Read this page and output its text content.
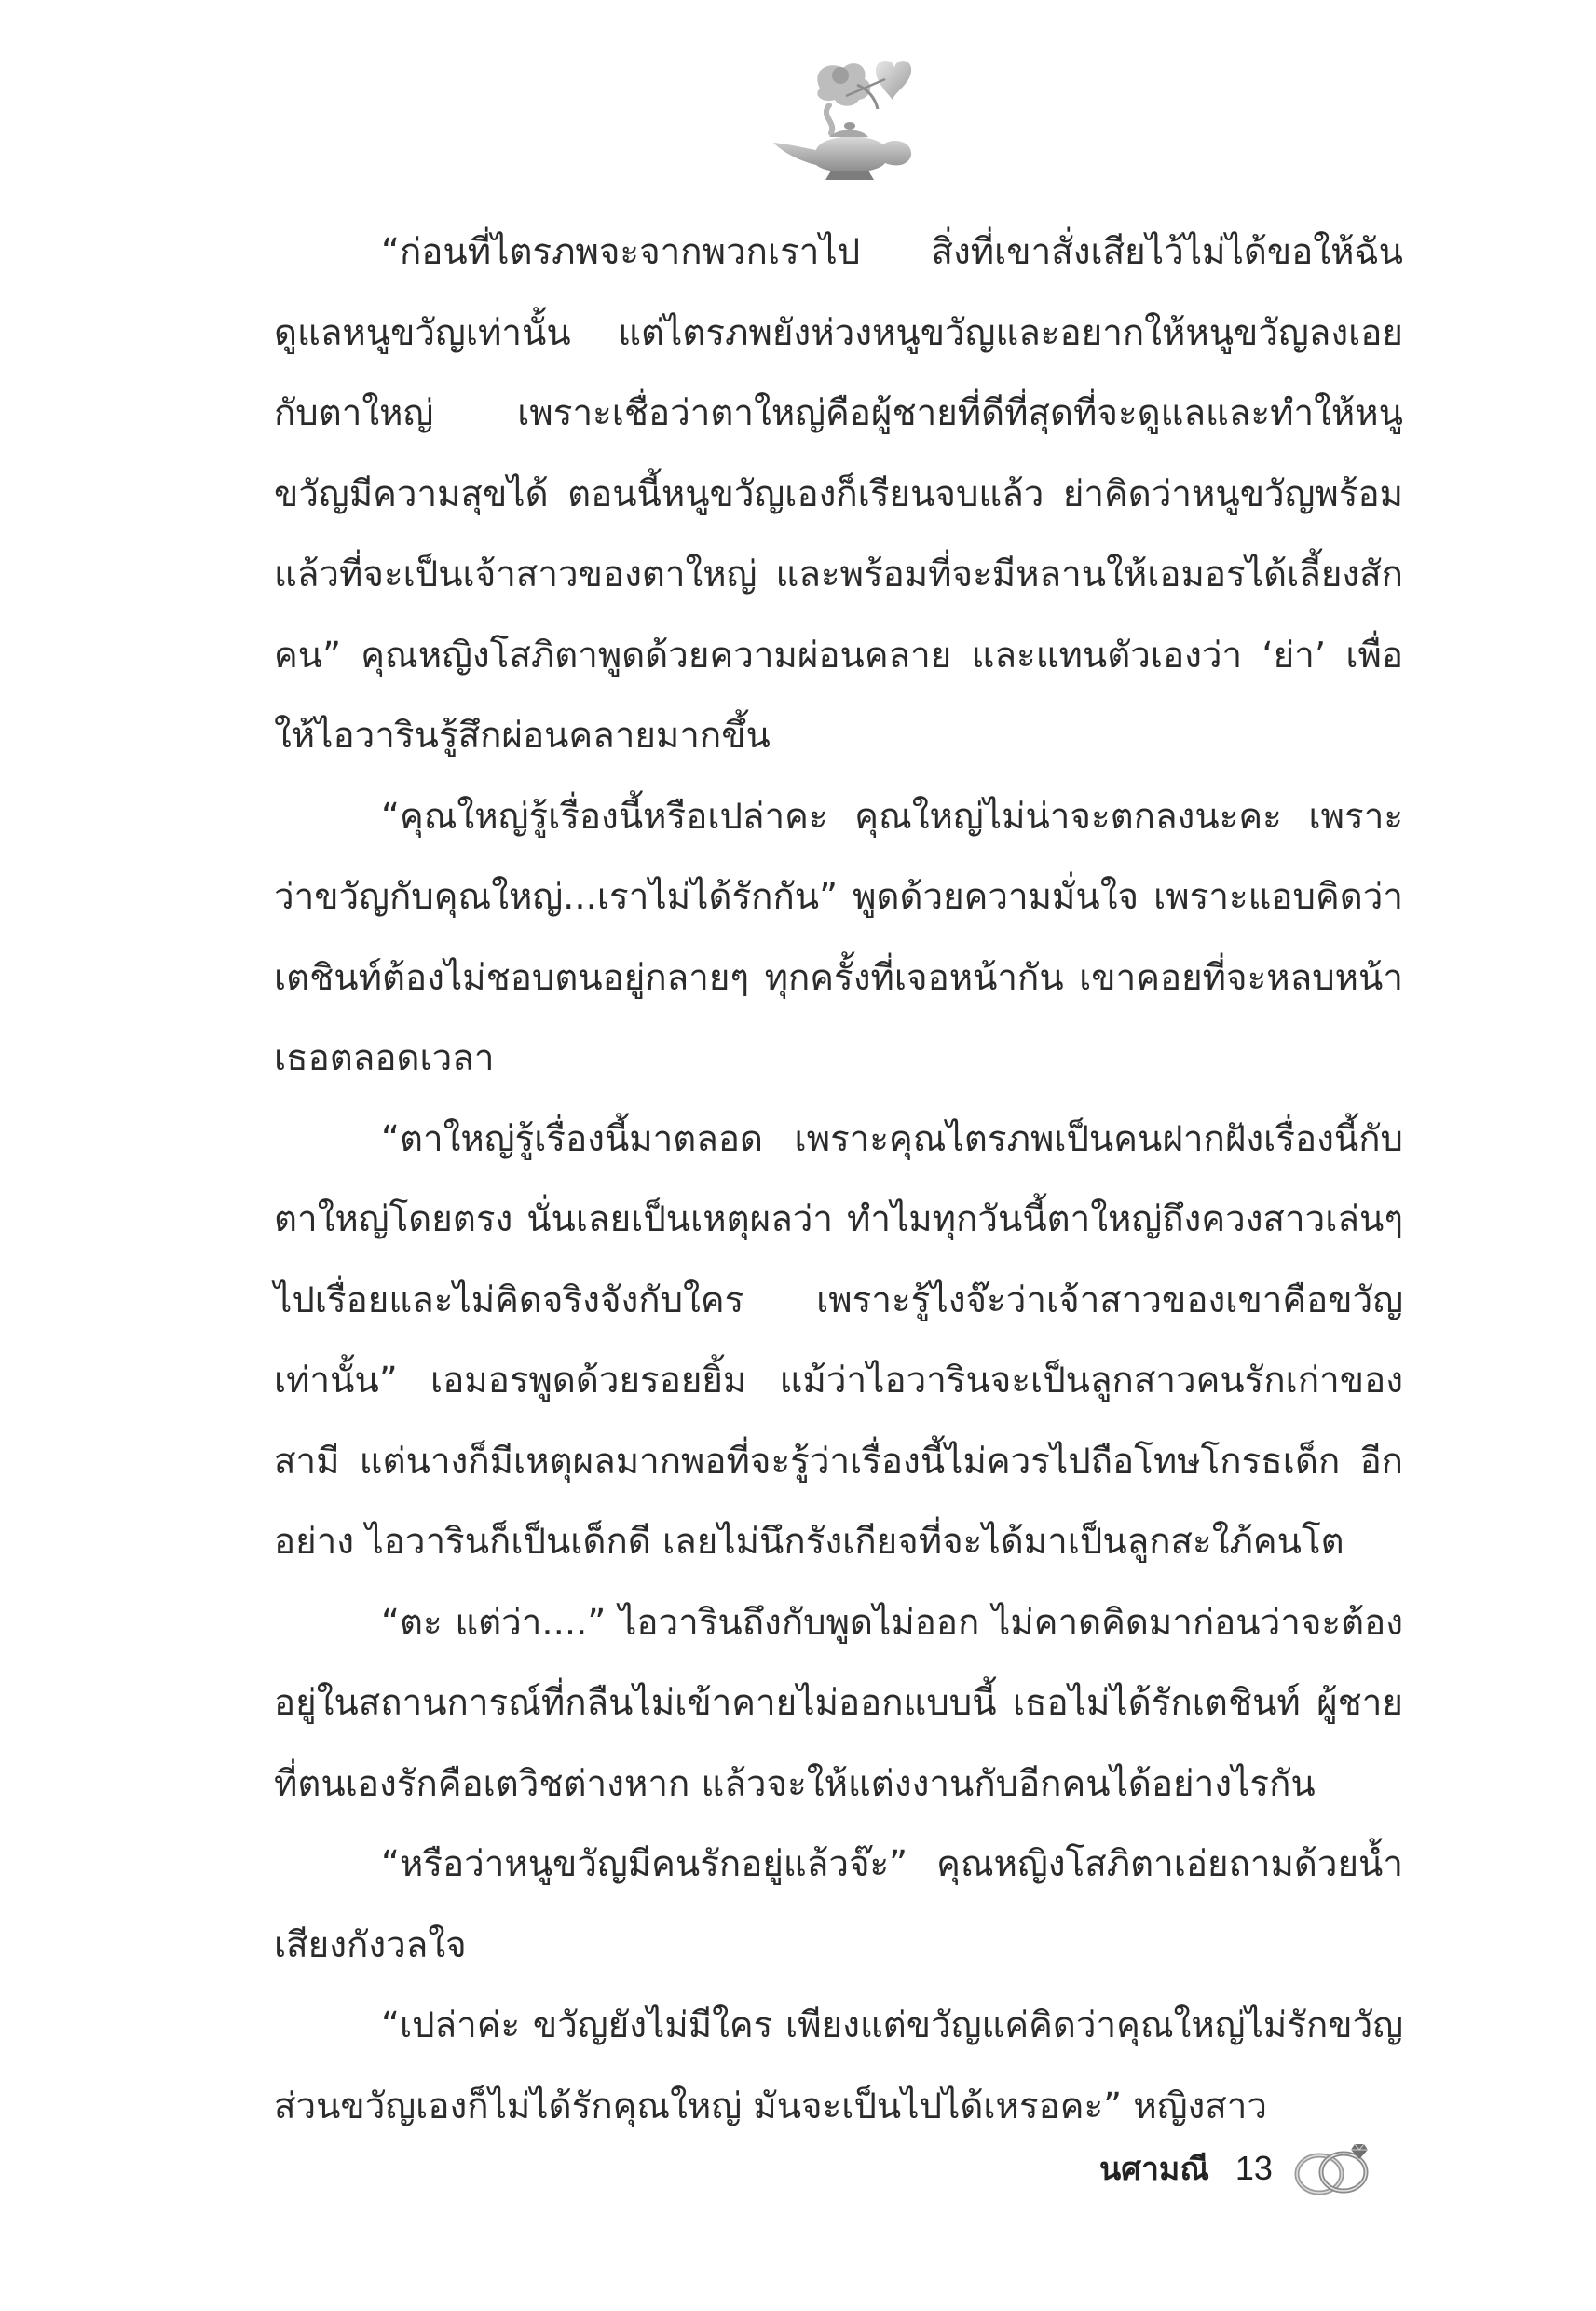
“ก่อนที่ไตรภพจะจากพวกเราไป สิ่งที่เขาสั่งเสียไว้ไม่ได้ขอให้ฉันดูแลหนูขวัญเท่านั้น แต่ไตรภพยังห่วงหนูขวัญและอยากให้หนูขวัญลงเอยกับตาใหญ่ เพราะเชื่อว่าตาใหญ่คือผู้ชายที่ดีที่สุดที่จะดูแลและทำให้หนูขวัญมีความสุขได้ ตอนนี้หนูขวัญเองก็เรียนจบแล้ว ย่าคิดว่าหนูขวัญพร้อมแล้วที่จะเป็นเจ้าสาวของตาใหญ่ และพร้อมที่จะมีหลานให้เอมอรได้เลี้ยงสักคน” คุณหญิงโสภิตาพูดด้วยความผ่อนคลาย และแทนตัวเองว่า ‘ย่า’ เพื่อให้ไอวารินรู้สึกผ่อนคลายมากขึ้น

“คุณใหญ่รู้เรื่องนี้หรือเปล่าคะ คุณใหญ่ไม่น่าจะตกลงนะคะ เพราะว่าขวัญกับคุณใหญ่...เราไม่ได้รักกัน” พูดด้วยความมั่นใจ เพราะแอบคิดว่าเตชินท์ต้องไม่ชอบตนอยู่กลายๆ ทุกครั้งที่เจอหน้ากัน เขาคอยที่จะหลบหน้าเธอตลอดเวลา

“ตาใหญ่รู้เรื่องนี้มาตลอด เพราะคุณไตรภพเป็นคนฝากฝังเรื่องนี้กับตาใหญ่โดยตรง นั่นเลยเป็นเหตุผลว่า ทำไมทุกวันนี้ตาใหญ่ถึงควงสาวเล่นๆ ไปเรื่อยและไม่คิดจริงจังกับใคร เพราะรู้ไงจ๊ะว่าเจ้าสาวของเขาคือขวัญเท่านั้น” เอมอรพูดด้วยรอยยิ้ม แม้ว่าไอวารินจะเป็นลูกสาวคนรักเก่าของสามี แต่นางก็มีเหตุผลมากพอที่จะรู้ว่าเรื่องนี้ไม่ควรไปถือโทษโกรธเด็ก อีกอย่าง ไอวารินก็เป็นเด็กดี เลยไม่นึกรังเกียจที่จะได้มาเป็นลูกสะใภ้คนโต

“ตะ แต่ว่า....” ไอวารินถึงกับพูดไม่ออก ไม่คาดคิดมาก่อนว่าจะต้องอยู่ในสถานการณ์ที่กลืนไม่เข้าคายไม่ออกแบบนี้ เธอไม่ได้รักเตชินท์ ผู้ชายที่ตนเองรักคือเตวิชต่างหาก แล้วจะให้แต่งงานกับอีกคนได้อย่างไรกัน

“หรือว่าหนูขวัญมีคนรักอยู่แล้วจ๊ะ” คุณหญิงโสภิตาเอ่ยถามด้วยน้ำเสียงกังวลใจ

“เปล่าค่ะ ขวัญยังไม่มีใคร เพียงแต่ขวัญแค่คิดว่าคุณใหญ่ไม่รักขวัญ ส่วนขวัญเองก็ไม่ได้รักคุณใหญ่ มันจะเป็นไปได้เหรอคะ” หญิงสาว

นศามณี 13
